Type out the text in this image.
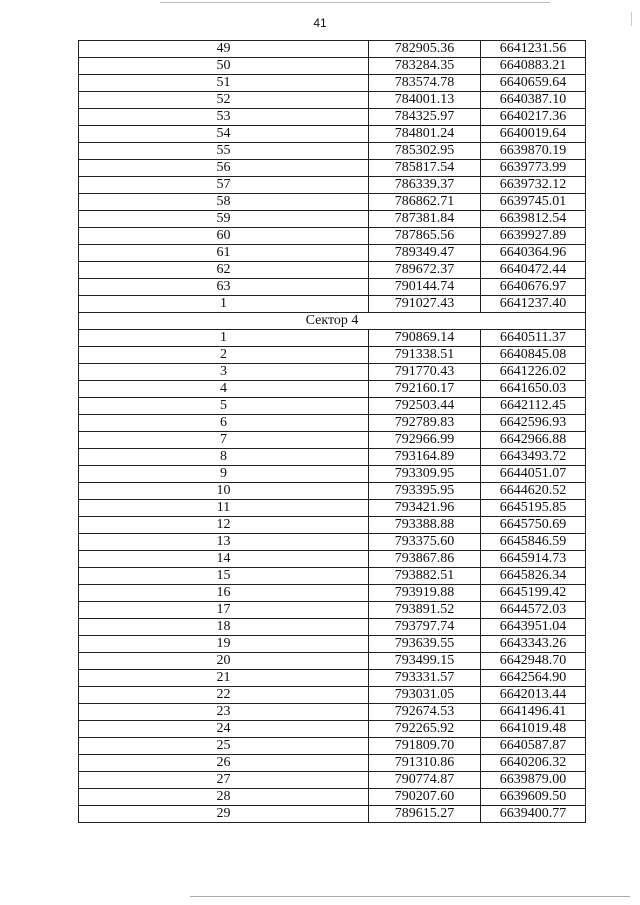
41
49	782905.36	6641231.56
50	783284.35	6640883.21
51	783574.78	6640659.64
52	784001.13	6640387.10
53	784325.97	6640217.36
54	784801.24	6640019.64
55	785302.95	6639870.19
56	785817.54	6639773.99
57	786339.37	6639732.12
58	786862.71	6639745.01
59	787381.84	6639812.54
60	787865.56	6639927.89
61	789349.47	6640364.96
62	789672.37	6640472.44
63	790144.74	6640676.97
1	791027.43	6641237.40
Сектор 4		
1	790869.14	6640511.37
2	791338.51	6640845.08
3	791770.43	6641226.02
4	792160.17	6641650.03
5	792503.44	6642112.45
6	792789.83	6642596.93
7	792966.99	6642966.88
8	793164.89	6643493.72
9	793309.95	6644051.07
10	793395.95	6644620.52
11	793421.96	6645195.85
12	793388.88	6645750.69
13	793375.60	6645846.59
14	793867.86	6645914.73
15	793882.51	6645826.34
16	793919.88	6645199.42
17	793891.52	6644572.03
18	793797.74	6643951.04
19	793639.55	6643343.26
20	793499.15	6642948.70
21	793331.57	6642564.90
22	793031.05	6642013.44
23	792674.53	6641496.41
24	792265.92	6641019.48
25	791809.70	6640587.87
26	791310.86	6640206.32
27	790774.87	6639879.00
28	790207.60	6639609.50
29	789615.27	6639400.77
